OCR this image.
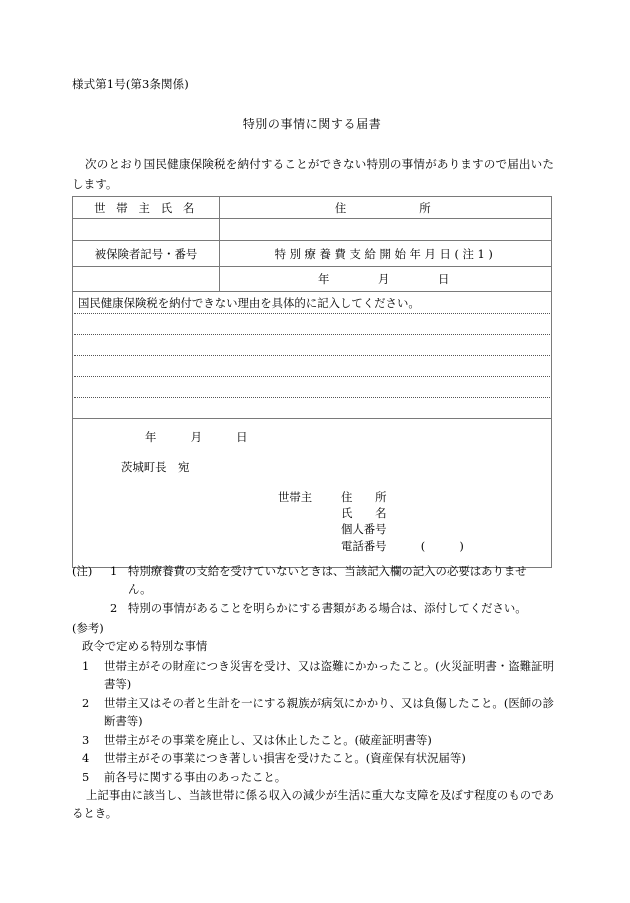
様式第1号(第3条関係)
特別の事情に関する届書
次のとおり国民健康保険税を納付することができない特別の事情がありますので届出いたします。
世 帯 主 氏 名	住　　　　所

被保険者記号・番号	特別療養費支給開始年月日(注1)

	年　　　月　　　日

国民健康保険税を納付できない理由を具体的に記入してください。	

年　　　月　　　日
茨城町長　宛
世帯主	住　　所
氏　　名
個人番号
電話番号　　　(　　　)
(注)	1 特別療養費の支給を受けていないときは、当該記入欄の記入の必要はありませ
ん。
2 特別の事情があることを明らかにする書類がある場合は、添付してください。
(参考)
政令で定める特別な事情
1	世帯主がその財産につき災害を受け、又は盗難にかかったこと。(火災証明書・盗難証明書等)
2	世帯主又はその者と生計を一にする親族が病気にかかり、又は負傷したこと。(医師の診断書等)
3	世帯主がその事業を廃止し、又は休止したこと。(破産証明書等)
4	世帯主がその事業につき著しい損害を受けたこと。(資産保有状況届等)
5	前各号に関する事由のあったこと。
上記事由に該当し、当該世帯に係る収入の減少が生活に重大な支障を及ぼす程度のものであるとき。
